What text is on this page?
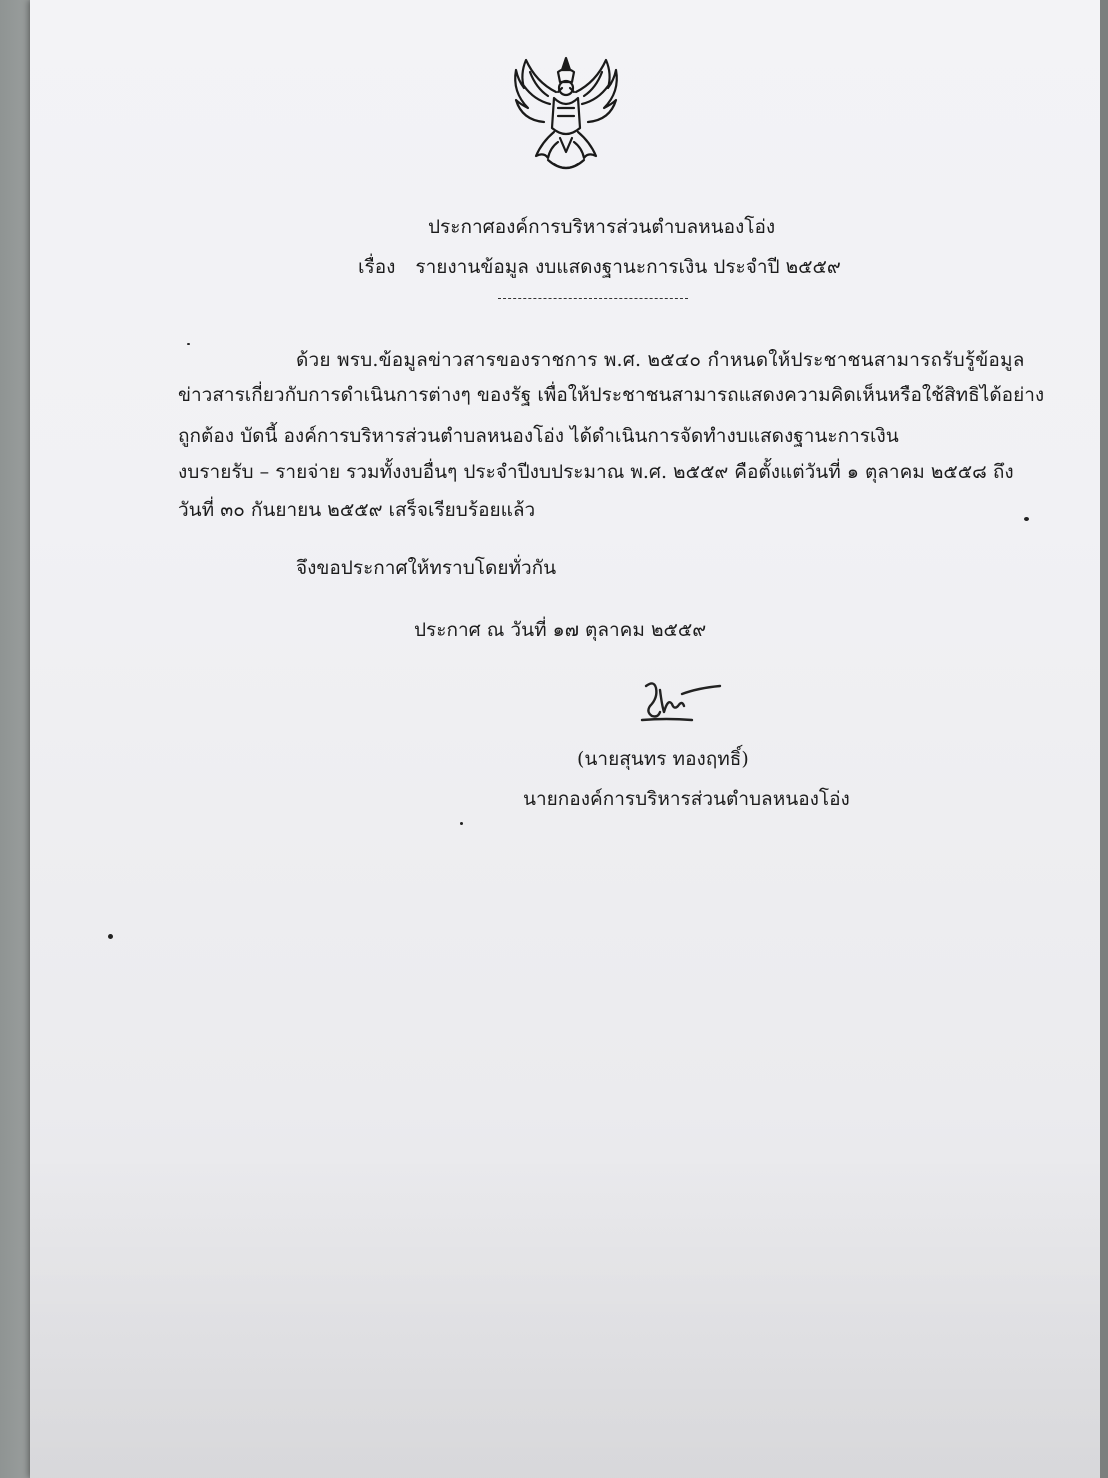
ประกาศองค์การบริหารส่วนตำบลหนองโอ่ง
เรื่อง รายงานข้อมูล งบแสดงฐานะการเงิน ประจำปี ๒๕๕๙
ด้วย พรบ.ข้อมูลข่าวสารของราชการ พ.ศ. ๒๕๔๐ กำหนดให้ประชาชนสามารถรับรู้ข้อมูล
ข่าวสารเกี่ยวกับการดำเนินการต่างๆ ของรัฐ เพื่อให้ประชาชนสามารถแสดงความคิดเห็นหรือใช้สิทธิได้อย่าง
ถูกต้อง บัดนี้ องค์การบริหารส่วนตำบลหนองโอ่ง ได้ดำเนินการจัดทำงบแสดงฐานะการเงิน
งบรายรับ – รายจ่าย รวมทั้งงบอื่นๆ ประจำปีงบประมาณ พ.ศ. ๒๕๕๙ คือตั้งแต่วันที่ ๑ ตุลาคม ๒๕๕๘ ถึง
วันที่ ๓๐ กันยายน ๒๕๕๙ เสร็จเรียบร้อยแล้ว
จึงขอประกาศให้ทราบโดยทั่วกัน
ประกาศ ณ วันที่ ๑๗ ตุลาคม ๒๕๕๙
(นายสุนทร ทองฤทธิ์)
นายกองค์การบริหารส่วนตำบลหนองโอ่ง
